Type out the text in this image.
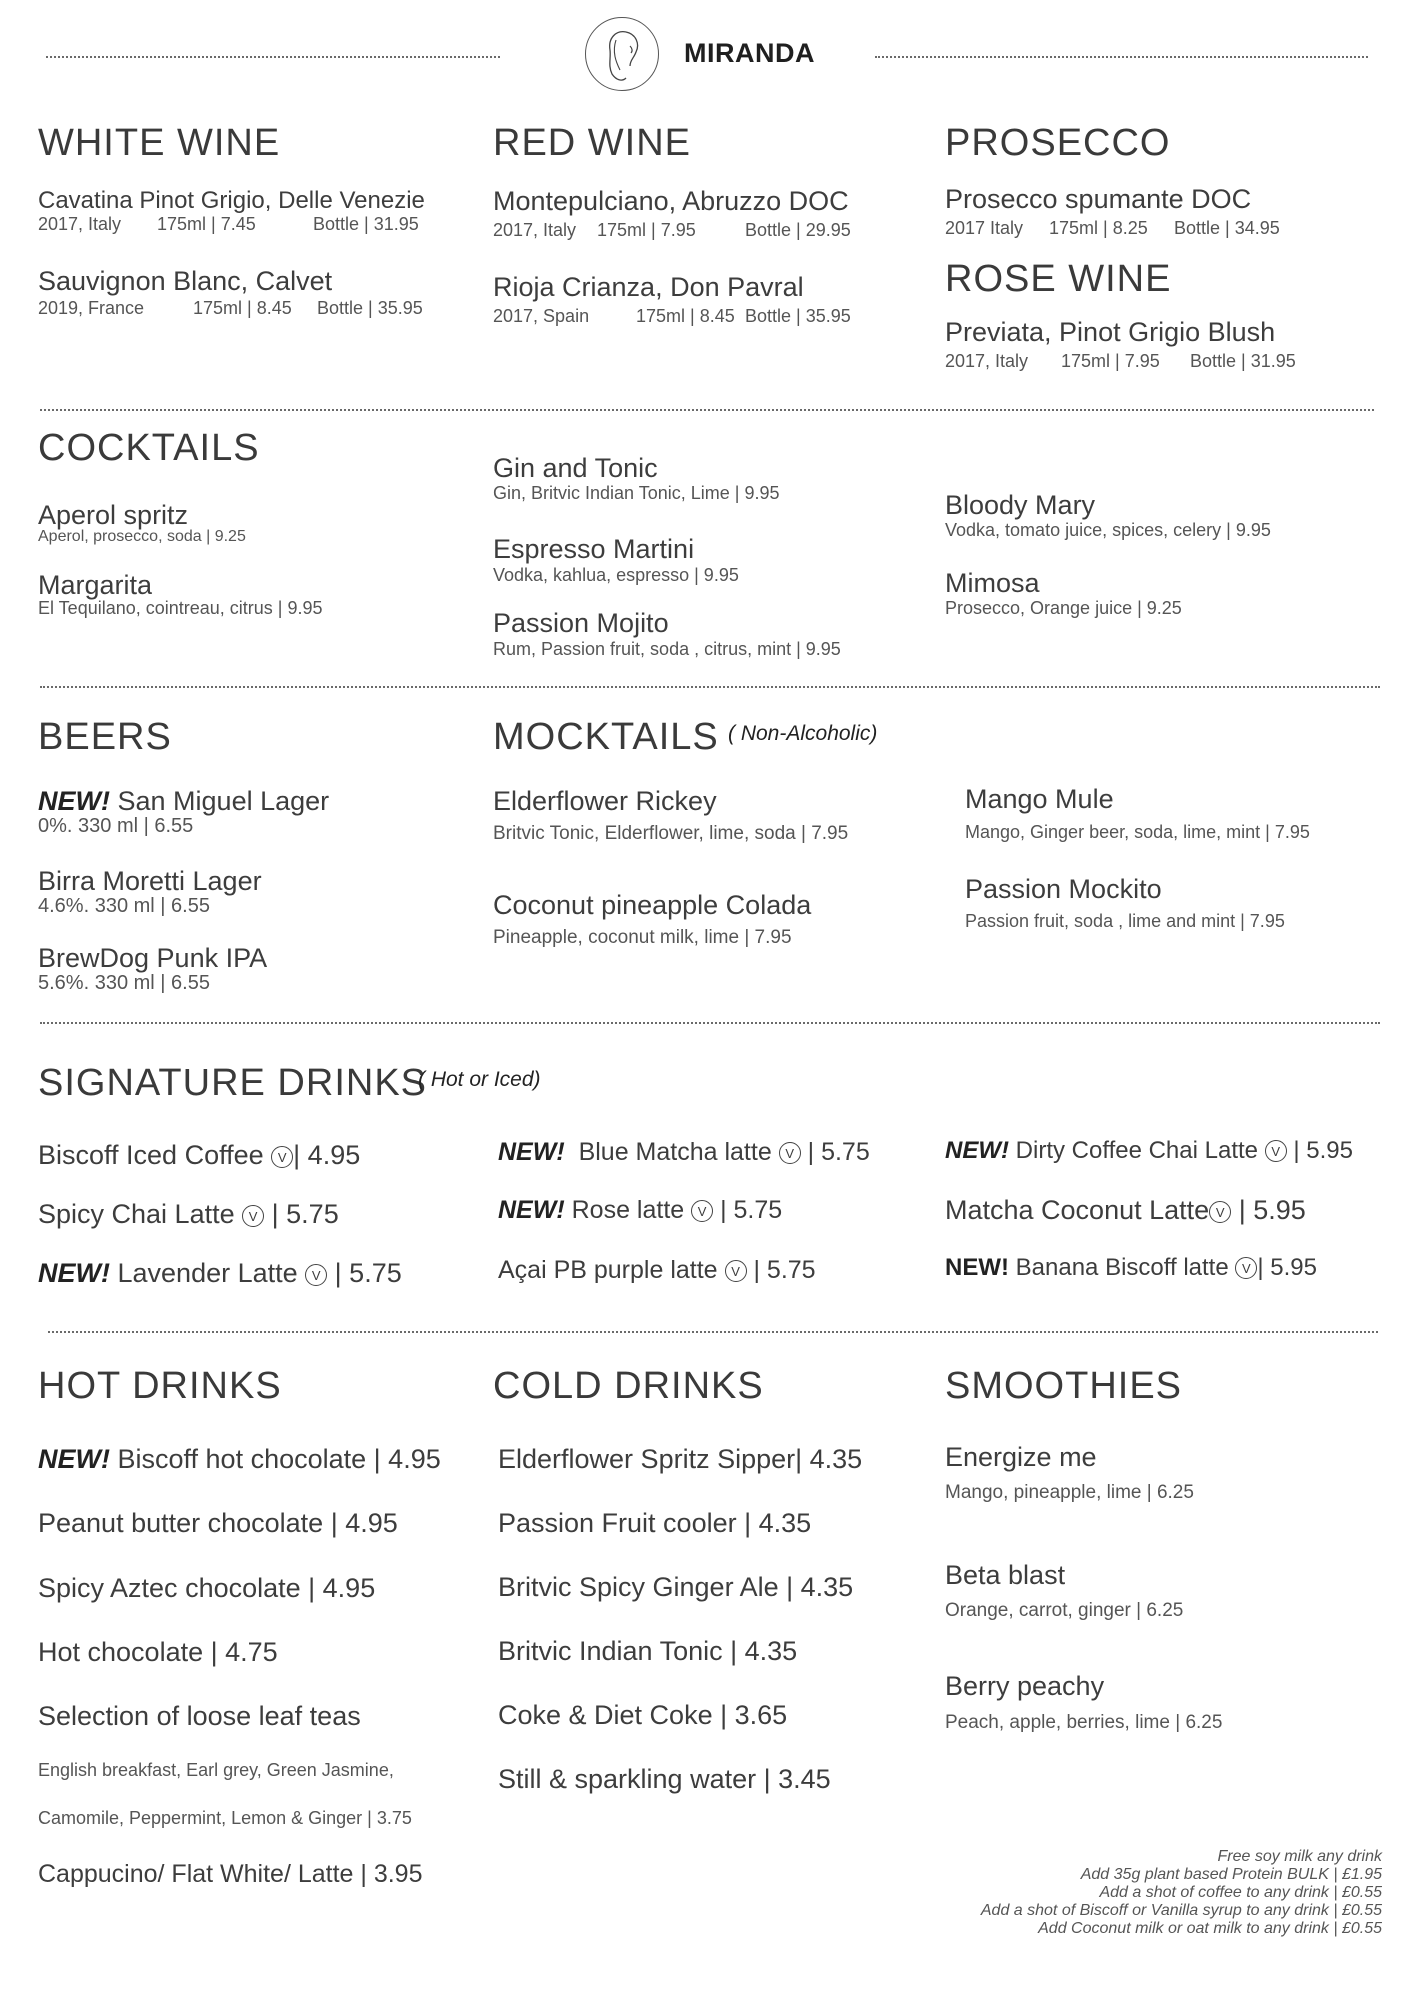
MIRANDA
WHITE WINE
Cavatina Pinot Grigio, Delle Venezie
2017, Italy 175ml | 7.45	Bottle | 31.95
Sauvignon Blanc, Calvet
2019, France	175ml | 8.45 Bottle | 35.95
RED WINE
Montepulciano, Abruzzo DOC
2017, Italy 175ml | 7.95	Bottle | 29.95
Rioja Crianza, Don Pavral
2017, Spain	175ml | 8.45 Bottle | 35.95
PROSECCO
Prosecco spumante DOC
2017 Italy 175ml | 8.25 Bottle | 34.95
ROSE WINE
Previata, Pinot Grigio Blush
2017, Italy 175ml | 7.95 Bottle | 31.95
COCKTAILS
Aperol spritz
Aperol, prosecco, soda | 9.25
Margarita
El Tequilano, cointreau, citrus | 9.95
Gin and Tonic
Gin, Britvic Indian Tonic, Lime | 9.95
Espresso Martini
Vodka, kahlua, espresso | 9.95
Passion Mojito
Rum, Passion fruit, soda , citrus, mint | 9.95
Bloody Mary
Vodka, tomato juice, spices, celery | 9.95
Mimosa
Prosecco, Orange juice | 9.25
BEERS
NEW! San Miguel Lager
0%. 330 ml | 6.55
Birra Moretti Lager
4.6%. 330 ml | 6.55
BrewDog Punk IPA
5.6%. 330 ml | 6.55
MOCKTAILS ( Non-Alcoholic)
Elderflower Rickey
Britvic Tonic, Elderflower, lime, soda | 7.95
Coconut pineapple Colada
Pineapple, coconut milk, lime | 7.95
Mango Mule
Mango, Ginger beer, soda, lime, mint | 7.95
Passion Mockito
Passion fruit, soda , lime and mint | 7.95
SIGNATURE DRINKS
( Hot or Iced)
Biscoff Iced Coffee V | 4.95
Spicy Chai Latte V | 5.75
NEW! Lavender Latte V | 5.75
NEW! Blue Matcha latte V | 5.75
NEW! Rose latte V | 5.75
Açai PB purple latte V | 5.75
NEW! Dirty Coffee Chai Latte V | 5.95
Matcha Coconut Latte V | 5.95
NEW! Banana Biscoff latte V | 5.95
HOT DRINKS
NEW! Biscoff hot chocolate | 4.95
Peanut butter chocolate | 4.95
Spicy Aztec chocolate | 4.95
Hot chocolate | 4.75
Selection of loose leaf teas
English breakfast, Earl grey, Green Jasmine,
Camomile, Peppermint, Lemon & Ginger | 3.75
Cappucino/ Flat White/ Latte | 3.95
COLD DRINKS
Elderflower Spritz Sipper| 4.35
Passion Fruit cooler | 4.35
Britvic Spicy Ginger Ale | 4.35
Britvic Indian Tonic | 4.35
Coke & Diet Coke | 3.65
Still & sparkling water | 3.45
SMOOTHIES
Energize me
Mango, pineapple, lime | 6.25
Beta blast
Orange, carrot, ginger | 6.25
Berry peachy
Peach, apple, berries, lime | 6.25
Free soy milk any drink
Add 35g plant based Protein BULK | £1.95
Add a shot of coffee to any drink | £0.55
Add a shot of Biscoff or Vanilla syrup to any drink | £0.55
Add Coconut milk or oat milk to any drink | £0.55
